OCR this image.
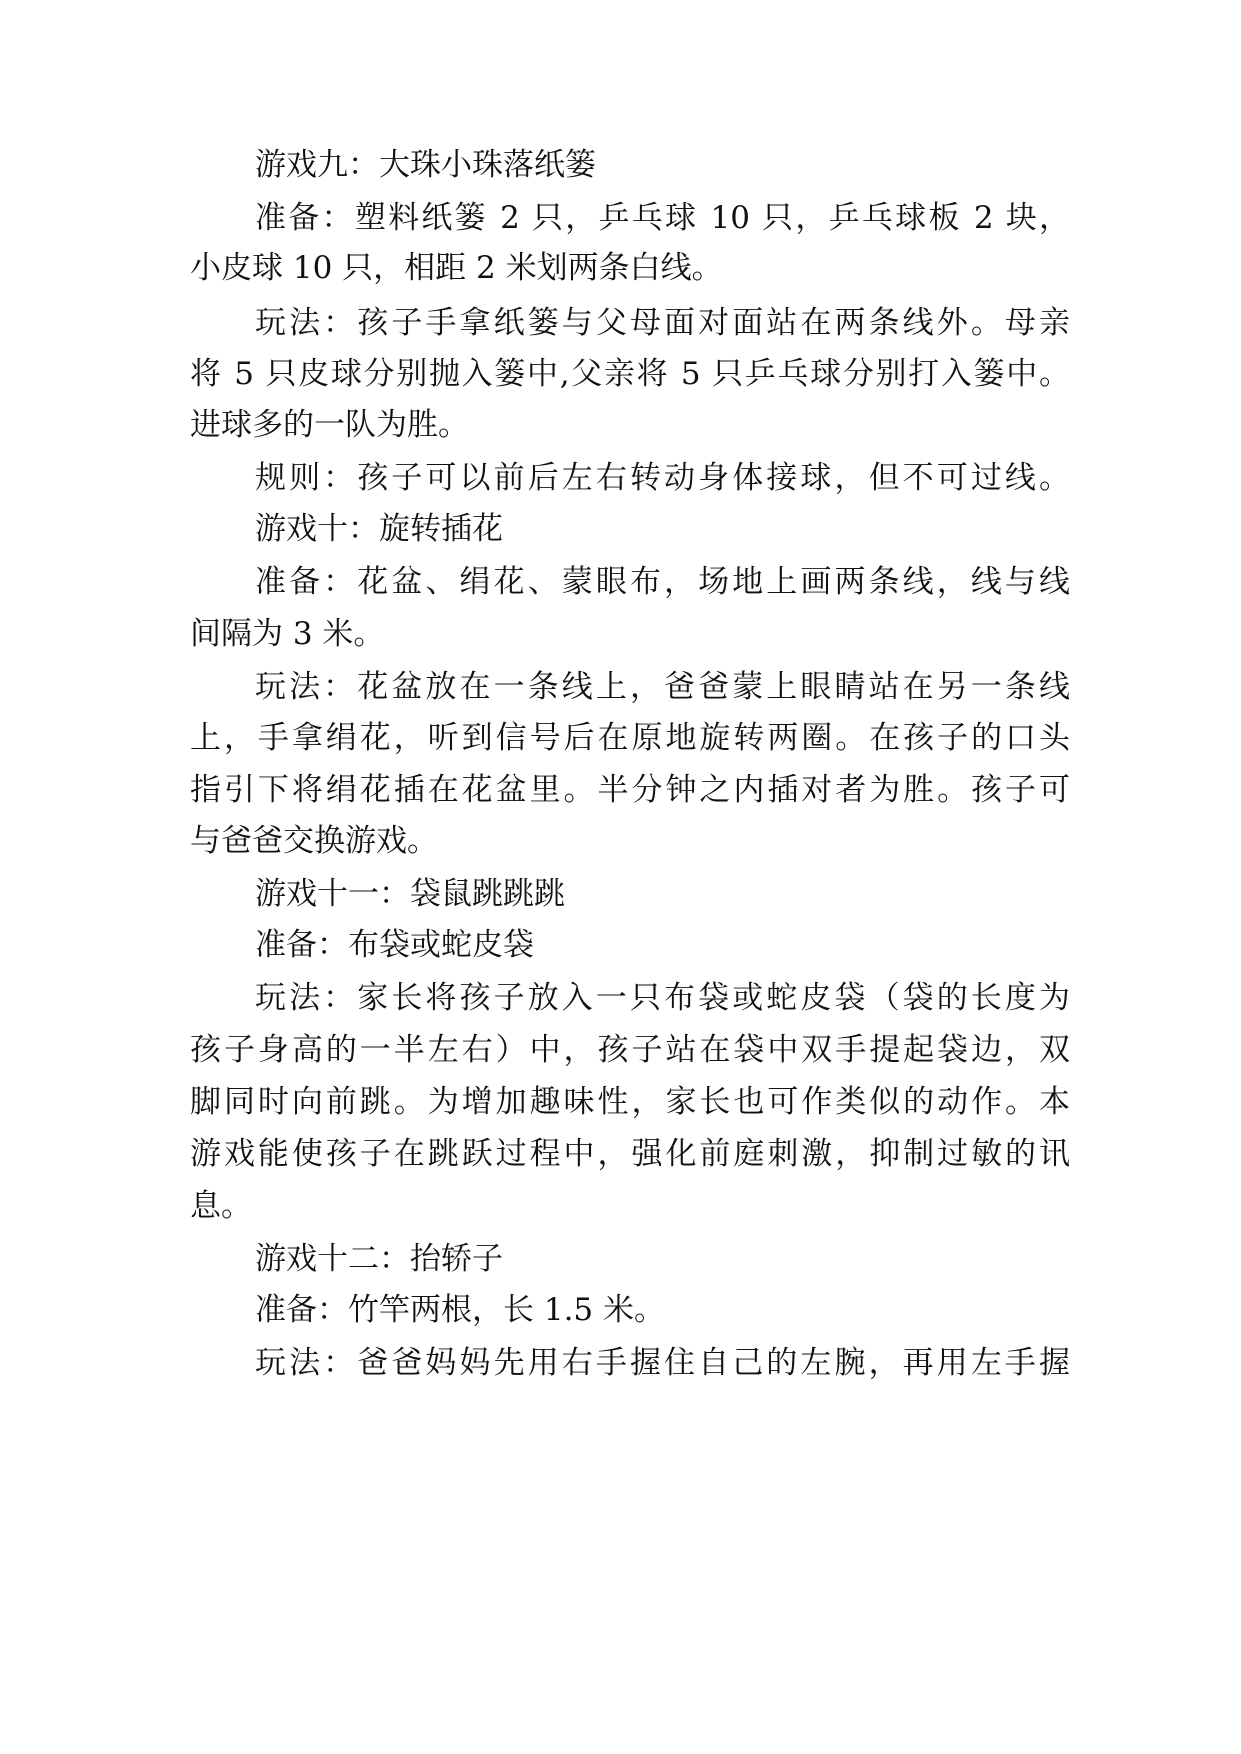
游戏九：大珠小珠落纸篓

准备：塑料纸篓 2 只，乒乓球 10 只，乒乓球板 2 块，

小皮球 10 只，相距 2 米划两条白线。

玩法：孩子手拿纸篓与父母面对面站在两条线外。母亲

将 5 只皮球分别抛入篓中,父亲将 5 只乒乓球分别打入篓中。

进球多的一队为胜。

规则：孩子可以前后左右转动身体接球，但不可过线。

游戏十：旋转插花

准备：花盆、绢花、蒙眼布，场地上画两条线，线与线

间隔为 3 米。

玩法：花盆放在一条线上，爸爸蒙上眼睛站在另一条线

上，手拿绢花，听到信号后在原地旋转两圈。在孩子的口头

指引下将绢花插在花盆里。半分钟之内插对者为胜。孩子可

与爸爸交换游戏。

游戏十一：袋鼠跳跳跳

准备：布袋或蛇皮袋

玩法：家长将孩子放入一只布袋或蛇皮袋（袋的长度为

孩子身高的一半左右）中，孩子站在袋中双手提起袋边，双

脚同时向前跳。为增加趣味性，家长也可作类似的动作。本

游戏能使孩子在跳跃过程中，强化前庭刺激，抑制过敏的讯

息。

游戏十二：抬轿子

准备：竹竿两根，长 1.5 米。

玩法：爸爸妈妈先用右手握住自己的左腕，再用左手握
